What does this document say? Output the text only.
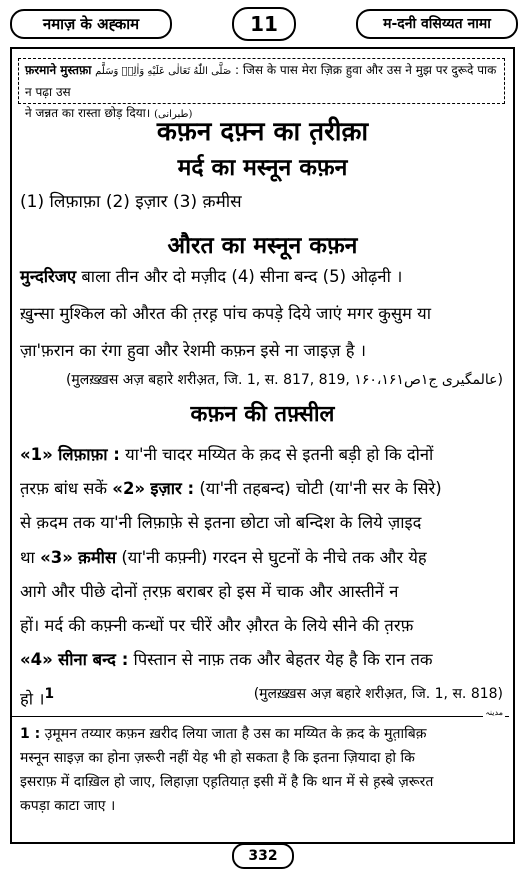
नमाज़ के अह्काम	11	म-दनी वसिय्यत नामा
फ़रमाने मुस्तफ़ा صَلَّى اللّٰهُ تَعَالٰى عَلَيْهِ وَاٰلِهٖ وَسَلَّم : जिस के पास मेरा ज़िक्र हुवा और उस ने मुझ पर दुरूदे पाक न पढ़ा उस
ने जन्नत का रास्ता छोड़ दिया। (طبرانی)
कफ़न दफ़्न का त़रीक़ा
मर्द का मस्नून कफ़न
(1) लिफ़ाफ़ा (2) इज़ार (3) क़मीस
औरत का मस्नून कफ़न
मुन्दरिजए बाला तीन और दो मज़ीद (4) सीना बन्द (5) ओढ़नी ।
ख़ुन्सा मुश्किल को औरत की त़रह़ पांच कपड़े दिये जाएं मगर कुसुम या
ज़ा'फ़रान का रंगा हुवा और रेशमी कफ़न इसे ना जाइज़ है ।
(मुलख़्ख़स अज़ बहारे शरीअ़त, जि. 1, स. 817, 819, عالمگیری ج۱ص۱۶۰،۱۶۱)
कफ़न की तफ़्सील
«1» लिफ़ाफ़ा : या'नी चादर मय्यित के क़द से इतनी बड़ी हो कि दोनों
त़रफ़ बांध सकें «2» इज़ार : (या'नी तहबन्द) चोटी (या'नी सर के सिरे)
से क़दम तक या'नी लिफ़ाफ़े से इतना छोटा जो बन्दिश के लिये ज़ाइद
था «3» क़मीस (या'नी कफ़्नी) गरदन से घुटनों के नीचे तक और येह
आगे और पीछे दोनों त़रफ़ बराबर हो इस में चाक और आस्तीनें न
हों। मर्द की कफ़्नी कन्धों पर चीरें और औ़रत के लिये सीने की त़रफ़
«4» सीना बन्द : पिस्तान से नाफ़ तक और बेहतर येह है कि रान तक
हो ।$^1$	(मुलख़्ख़स अज़ बहारे शरीअ़त, जि. 1, स. 818)
مدینہ
1 : उ़मूमन तय्यार कफ़न ख़रीद लिया जाता है उस का मय्यित के क़द के मुत़ाबिक़
मस्नून साइज़ का होना ज़रूरी नहीं येह भी हो सकता है कि इतना ज़ियादा हो कि
इसराफ़ में दाख़िल हो जाए, लिहाज़ा एह़तियात़ इसी में है कि थान में से ह़स्बे ज़रूरत
कपड़ा काटा जाए ।
332
